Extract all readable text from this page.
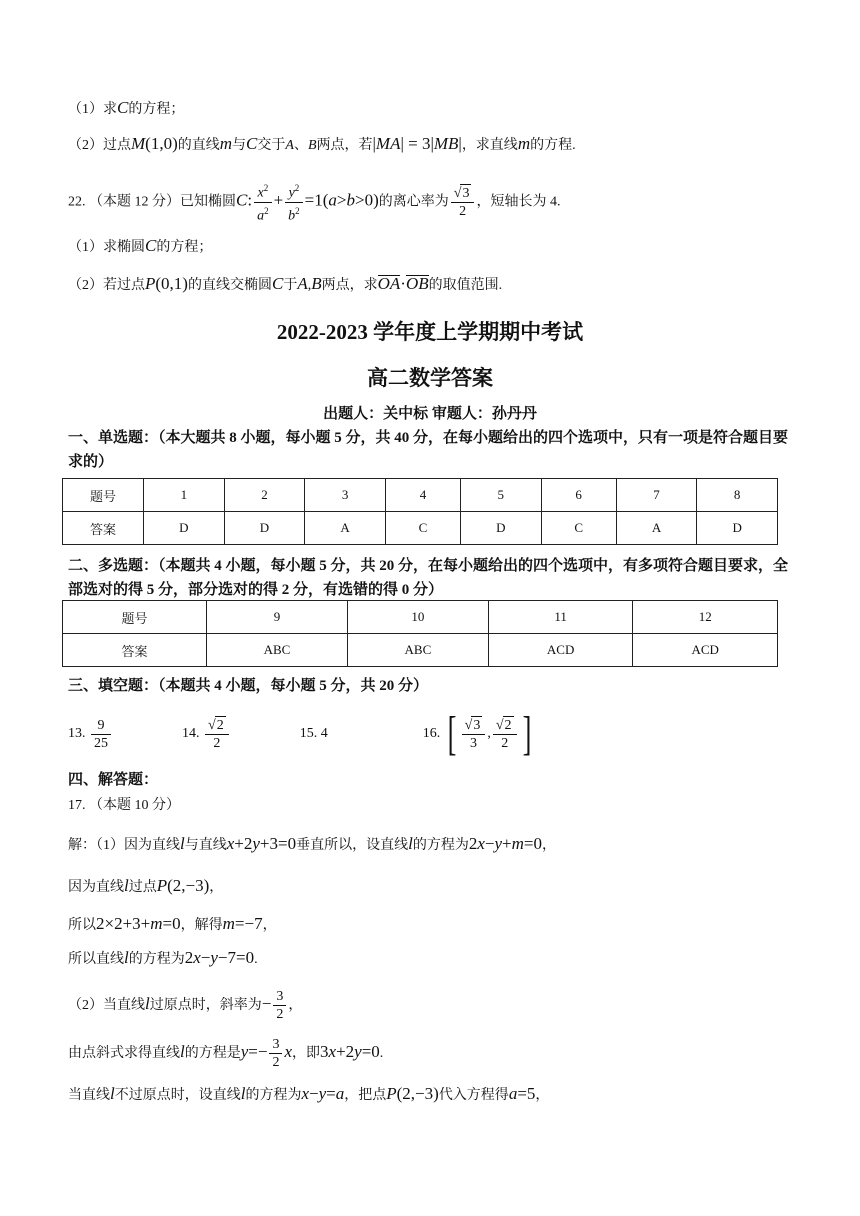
（1）求C的方程；
（2）过点M(1,0)的直线m与C交于A、B两点，若|MA| = 3|MB|，求直线m的方程.
22. （本题 12 分）已知椭圆C: $\frac{x^2}{a^2} + \frac{y^2}{b^2} =1(a>b>0)$的离心率为 $\frac{√3}{2}$ ，短轴长为 4.
（1）求椭圆C的方程；
（2）若过点P(0,1)的直线交椭圆C于A,B两点，求OA·OB的取值范围.
2022-2023 学年度上学期期中考试
高二数学答案
出题人：关中标 审题人：孙丹丹
一、单选题：（本大题共 8 小题，每小题 5 分，共 40 分，在每小题给出的四个选项中，只有一项是符合题目要求的）
题号	1	2	3	4	5	6	7	8
答案	D	D	A	C	D	C	A	D
二、多选题：（本题共 4 小题，每小题 5 分，共 20 分，在每小题给出的四个选项中，有多项符合题目要求，全部选对的得 5 分，部分选对的得 2 分，有选错的得 0 分）
题号	9	10	11	12
答案	ABC	ABC	ACD	ACD
三、填空题：（本题共 4 小题，每小题 5 分，共 20 分）
13. $\frac{9}{25}$	14. $\frac{√2}{2}$	15. 4	16. [ $\frac{√3}{3}$ , $\frac{√2}{2}$ ]
四、解答题：
17. （本题 10 分）
解：（1）因为直线l与直线x+2y+3=0垂直所以，设直线l的方程为2x−y+m=0，
因为直线l过点P(2,−3)，
所以2×2+3+m=0，解得m=−7，
所以直线l的方程为2x−y−7=0.
（2）当直线l过原点时，斜率为− $\frac{3}{2}$ ，
由点斜式求得直线l的方程是$y=- \frac{3}{2}$ x，即3x+2y=0.
当直线l不过原点时，设直线l的方程为x−y=a，把点P(2,−3)代入方程得a=5，
